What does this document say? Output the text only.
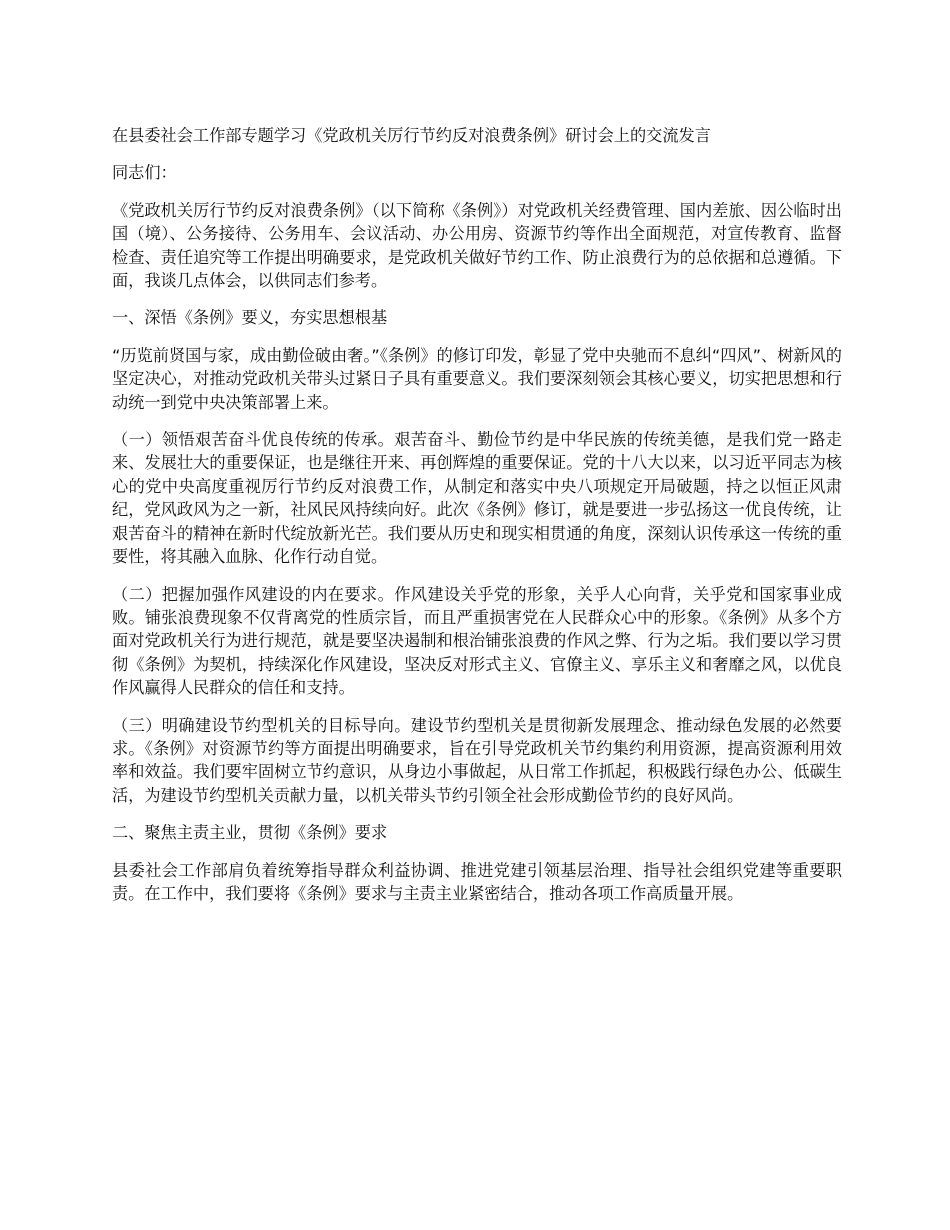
在县委社会工作部专题学习《党政机关厉行节约反对浪费条例》研讨会上的交流发言

同志们：

《党政机关厉行节约反对浪费条例》（以下简称《条例》）对党政机关经费管理、国内差旅、因公临时出国（境）、公务接待、公务用车、会议活动、办公用房、资源节约等作出全面规范，对宣传教育、监督检查、责任追究等工作提出明确要求，是党政机关做好节约工作、防止浪费行为的总依据和总遵循。下面，我谈几点体会，以供同志们参考。

一、深悟《条例》要义，夯实思想根基

“历览前贤国与家，成由勤俭破由奢。”《条例》的修订印发，彰显了党中央驰而不息纠“四风”、树新风的坚定决心，对推动党政机关带头过紧日子具有重要意义。我们要深刻领会其核心要义，切实把思想和行动统一到党中央决策部署上来。

（一）领悟艰苦奋斗优良传统的传承。艰苦奋斗、勤俭节约是中华民族的传统美德，是我们党一路走来、发展壮大的重要保证，也是继往开来、再创辉煌的重要保证。党的十八大以来，以习近平同志为核心的党中央高度重视厉行节约反对浪费工作，从制定和落实中央八项规定开局破题，持之以恒正风肃纪，党风政风为之一新，社风民风持续向好。此次《条例》修订，就是要进一步弘扬这一优良传统，让艰苦奋斗的精神在新时代绽放新光芒。我们要从历史和现实相贯通的角度，深刻认识传承这一传统的重要性，将其融入血脉、化作行动自觉。

（二）把握加强作风建设的内在要求。作风建设关乎党的形象，关乎人心向背，关乎党和国家事业成败。铺张浪费现象不仅背离党的性质宗旨，而且严重损害党在人民群众心中的形象。《条例》从多个方面对党政机关行为进行规范，就是要坚决遏制和根治铺张浪费的作风之弊、行为之垢。我们要以学习贯彻《条例》为契机，持续深化作风建设，坚决反对形式主义、官僚主义、享乐主义和奢靡之风，以优良作风赢得人民群众的信任和支持。

（三）明确建设节约型机关的目标导向。建设节约型机关是贯彻新发展理念、推动绿色发展的必然要求。《条例》对资源节约等方面提出明确要求，旨在引导党政机关节约集约利用资源，提高资源利用效率和效益。我们要牢固树立节约意识，从身边小事做起，从日常工作抓起，积极践行绿色办公、低碳生活，为建设节约型机关贡献力量，以机关带头节约引领全社会形成勤俭节约的良好风尚。

二、聚焦主责主业，贯彻《条例》要求

县委社会工作部肩负着统筹指导群众利益协调、推进党建引领基层治理、指导社会组织党建等重要职责。在工作中，我们要将《条例》要求与主责主业紧密结合，推动各项工作高质量开展。
